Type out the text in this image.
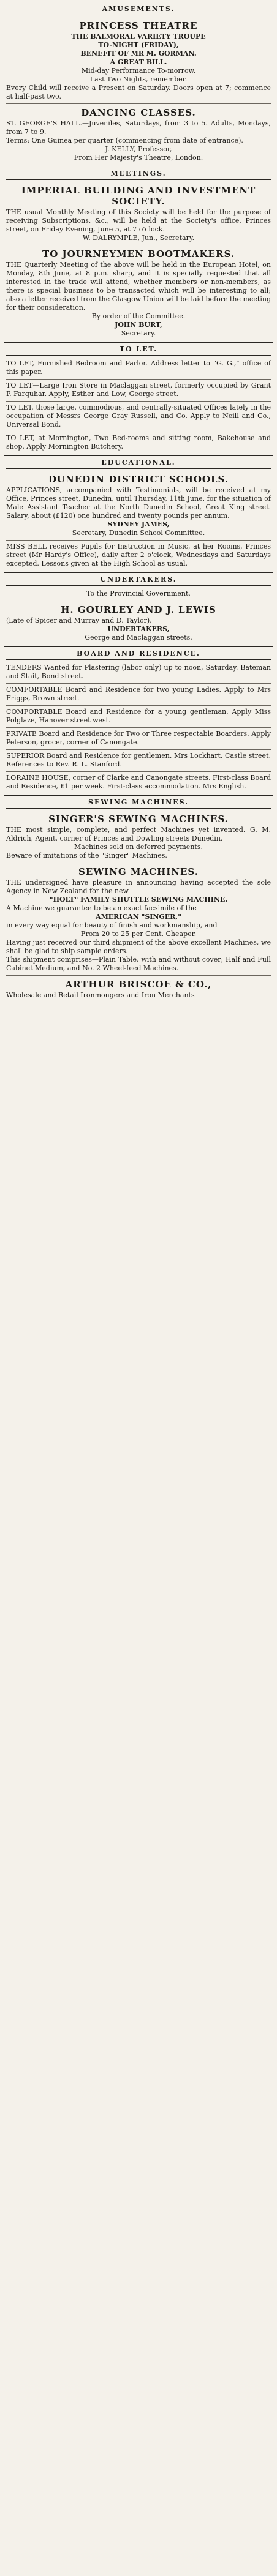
AMUSEMENTS.
PRINCESS THEATRE

THE BALMORAL VARIETY TROUPE

TO-NIGHT (FRIDAY),

BENEFIT OF MR M. GORMAN.

A GREAT BILL.

Mid-day Performance To-morrow.

Last Two Nights, remember.

Every Child will receive a Present on Saturday. Doors open at 7; commence at half-past two.

DANCING CLASSES.

ST. GEORGE'S HALL.—Juveniles, Saturdays, from 3 to 5. Adults, Mondays, from 7 to 9.

Terms: One Guinea per quarter (commencing from date of entrance).

J. KELLY, Professor,

From Her Majesty's Theatre, London.

MEETINGS.
IMPERIAL BUILDING AND INVESTMENT SOCIETY.

THE usual Monthly Meeting of this Society will be held for the purpose of receiving Subscriptions, &c., will be held at the Society's office, Princes street, on Friday Evening, June 5, at 7 o'clock.

W. DALRYMPLE, Jun., Secretary.

TO JOURNEYMEN BOOTMAKERS.

THE Quarterly Meeting of the above will be held in the European Hotel, on Monday, 8th June, at 8 p.m. sharp, and it is specially requested that all interested in the trade will attend, whether members or non-members, as there is special business to be transacted which will be interesting to all; also a letter received from the Glasgow Union will be laid before the meeting for their consideration.

By order of the Committee.

JOHN BURT,

Secretary.

TO LET.

TO LET, Furnished Bedroom and Parlor. Address letter to "G. G.," office of this paper.

TO LET—Large Iron Store in Maclaggan street, formerly occupied by Grant P. Farquhar. Apply, Esther and Low, George street.

TO LET, those large, commodious, and centrally-situated Offices lately in the occupation of Messrs George Gray Russell, and Co. Apply to Neill and Co., Universal Bond.

TO LET, at Mornington, Two Bed-rooms and sitting room, Bakehouse and shop. Apply Mornington Butchery.

EDUCATIONAL.
DUNEDIN DISTRICT SCHOOLS.

APPLICATIONS, accompanied with Testimonials, will be received at my Office, Princes street, Dunedin, until Thursday, 11th June, for the situation of Male Assistant Teacher at the North Dunedin School, Great King street. Salary, about (£120) one hundred and twenty pounds per annum.

SYDNEY JAMES,

Secretary, Dunedin School Committee.

MISS BELL receives Pupils for Instruction in Music, at her Rooms, Princes street (Mr Hardy's Office), daily after 2 o'clock, Wednesdays and Saturdays excepted. Lessons given at the High School as usual.

UNDERTAKERS.

To the Provincial Government.

H. GOURLEY AND J. LEWIS

(Late of Spicer and Murray and D. Taylor),

UNDERTAKERS,

George and Maclaggan streets.

BOARD AND RESIDENCE.

TENDERS Wanted for Plastering (labor only) up to noon, Saturday. Bateman and Stait, Bond street.

COMFORTABLE Board and Residence for two young Ladies. Apply to Mrs Friggs, Brown street.

COMFORTABLE Board and Residence for a young gentleman. Apply Miss Polglaze, Hanover street west.

PRIVATE Board and Residence for Two or Three respectable Boarders. Apply Peterson, grocer, corner of Canongate.

SUPERIOR Board and Residence for gentlemen. Mrs Lockhart, Castle street. References to Rev. R. L. Stanford.

LORAINE HOUSE, corner of Clarke and Canongate streets. First-class Board and Residence, £1 per week. First-class accommodation. Mrs English.

SEWING MACHINES.
SINGER'S SEWING MACHINES.

THE most simple, complete, and perfect Machines yet invented. G. M. Aldrich, Agent, corner of Princes and Dowling streets Dunedin.

Machines sold on deferred payments.

Beware of imitations of the "Singer" Machines.

SEWING MACHINES.

THE undersigned have pleasure in announcing having accepted the sole Agency in New Zealand for the new

"HOLT" FAMILY SHUTTLE SEWING MACHINE.

A Machine we guarantee to be an exact facsimile of the

AMERICAN "SINGER,"

in every way equal for beauty of finish and workmanship, and

From 20 to 25 per Cent. Cheaper.

Having just received our third shipment of the above excellent Machines, we shall be glad to ship sample orders.

This shipment comprises—Plain Table, with and without cover; Half and Full Cabinet Medium, and No. 2 Wheel-feed Machines.

ARTHUR BRISCOE & CO.,

Wholesale and Retail Ironmongers and Iron Merchants
